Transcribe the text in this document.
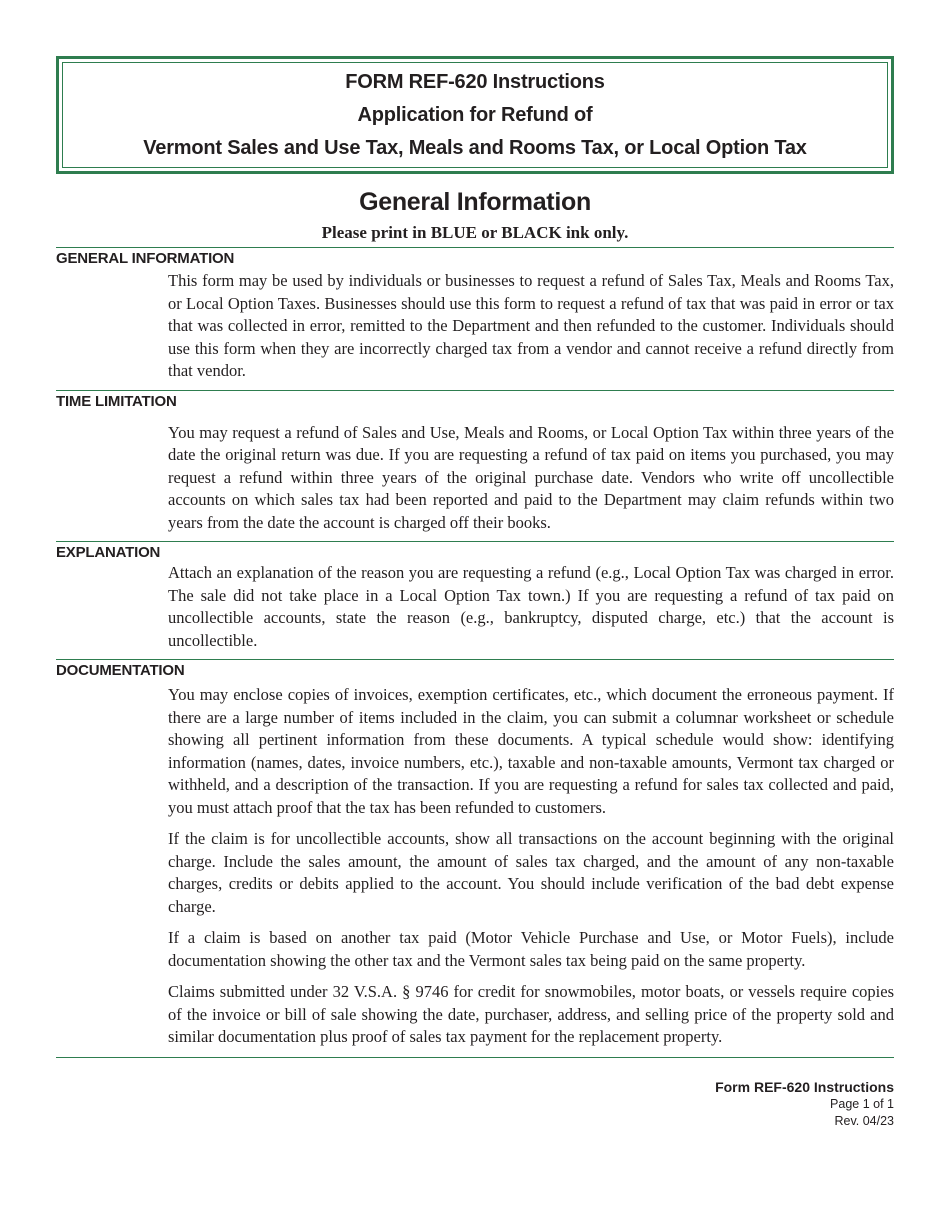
FORM REF-620 Instructions
Application for Refund of
Vermont Sales and Use Tax, Meals and Rooms Tax, or Local Option Tax
General Information
Please print in BLUE or BLACK ink only.
GENERAL INFORMATION
This form may be used by individuals or businesses to request a refund of Sales Tax, Meals and Rooms Tax, or Local Option Taxes. Businesses should use this form to request a refund of tax that was paid in error or tax that was collected in error, remitted to the Department and then refunded to the customer. Individuals should use this form when they are incorrectly charged tax from a vendor and cannot receive a refund directly from that vendor.
TIME LIMITATION
You may request a refund of Sales and Use, Meals and Rooms, or Local Option Tax within three years of the date the original return was due. If you are requesting a refund of tax paid on items you purchased, you may request a refund within three years of the original purchase date. Vendors who write off uncollectible accounts on which sales tax had been reported and paid to the Department may claim refunds within two years from the date the account is charged off their books.
EXPLANATION
Attach an explanation of the reason you are requesting a refund (e.g., Local Option Tax was charged in error. The sale did not take place in a Local Option Tax town.) If you are requesting a refund of tax paid on uncollectible accounts, state the reason (e.g., bankruptcy, disputed charge, etc.) that the account is uncollectible.
DOCUMENTATION
You may enclose copies of invoices, exemption certificates, etc., which document the erroneous payment. If there are a large number of items included in the claim, you can submit a columnar worksheet or schedule showing all pertinent information from these documents. A typical schedule would show: identifying information (names, dates, invoice numbers, etc.), taxable and non-taxable amounts, Vermont tax charged or withheld, and a description of the transaction. If you are requesting a refund for sales tax collected and paid, you must attach proof that the tax has been refunded to customers.
If the claim is for uncollectible accounts, show all transactions on the account beginning with the original charge. Include the sales amount, the amount of sales tax charged, and the amount of any non-taxable charges, credits or debits applied to the account. You should include verification of the bad debt expense charge.
If a claim is based on another tax paid (Motor Vehicle Purchase and Use, or Motor Fuels), include documentation showing the other tax and the Vermont sales tax being paid on the same property.
Claims submitted under 32 V.S.A. § 9746 for credit for snowmobiles, motor boats, or vessels require copies of the invoice or bill of sale showing the date, purchaser, address, and selling price of the property sold and similar documentation plus proof of sales tax payment for the replacement property.
Form REF-620 Instructions
Page 1 of 1
Rev. 04/23
